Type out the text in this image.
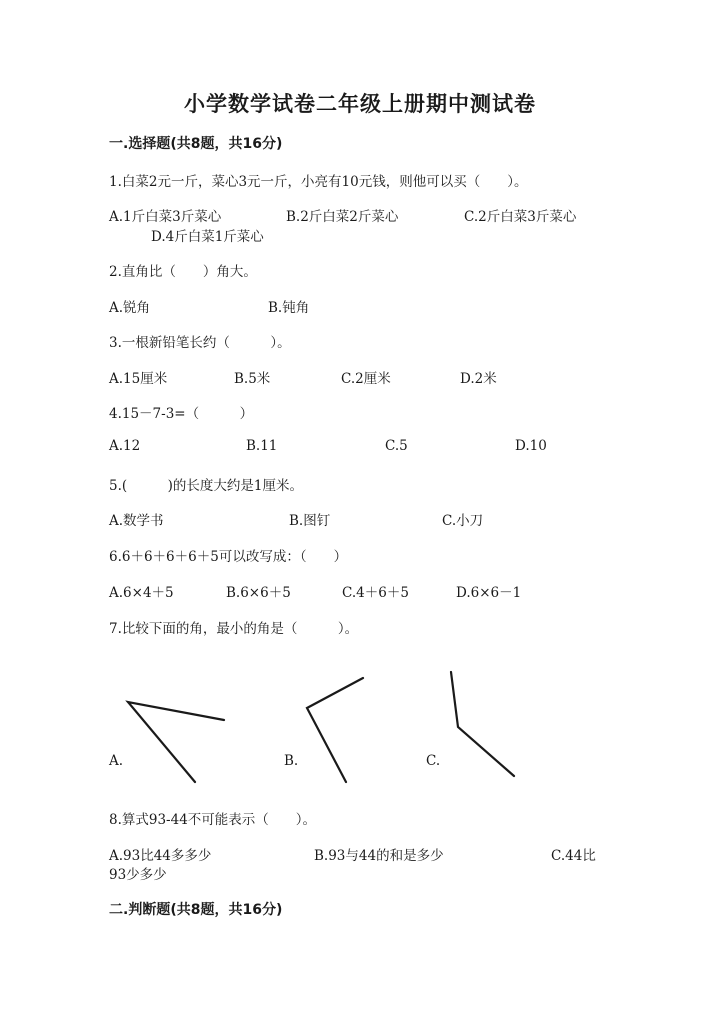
小学数学试卷二年级上册期中测试卷
一.选择题(共8题，共16分)
1.白菜2元一斤，菜心3元一斤，小亮有10元钱，则他可以买（　　）。
A.1斤白菜3斤菜心	B.2斤白菜2斤菜心	C.2斤白菜3斤菜心
D.4斤白菜1斤菜心
2.直角比（　　）角大。
A.锐角	B.钝角
3.一根新铅笔长约（　　　）。
A.15厘米	B.5米	C.2厘米	D.2米
4.15－7-3=（　　　）
A.12	B.11	C.5	D.10
5.(　　　)的长度大约是1厘米。
A.数学书	B.图钉	C.小刀
6.6＋6＋6＋6＋5可以改写成：（　　）
A.6×4＋5	B.6×6＋5	C.4＋6＋5	D.6×6－1
7.比较下面的角，最小的角是（　　　）。
A.	B.	C.
8.算式93-44不可能表示（　　）。
A.93比44多多少	B.93与44的和是多少	C.44比
93少多少
二.判断题(共8题，共16分)
